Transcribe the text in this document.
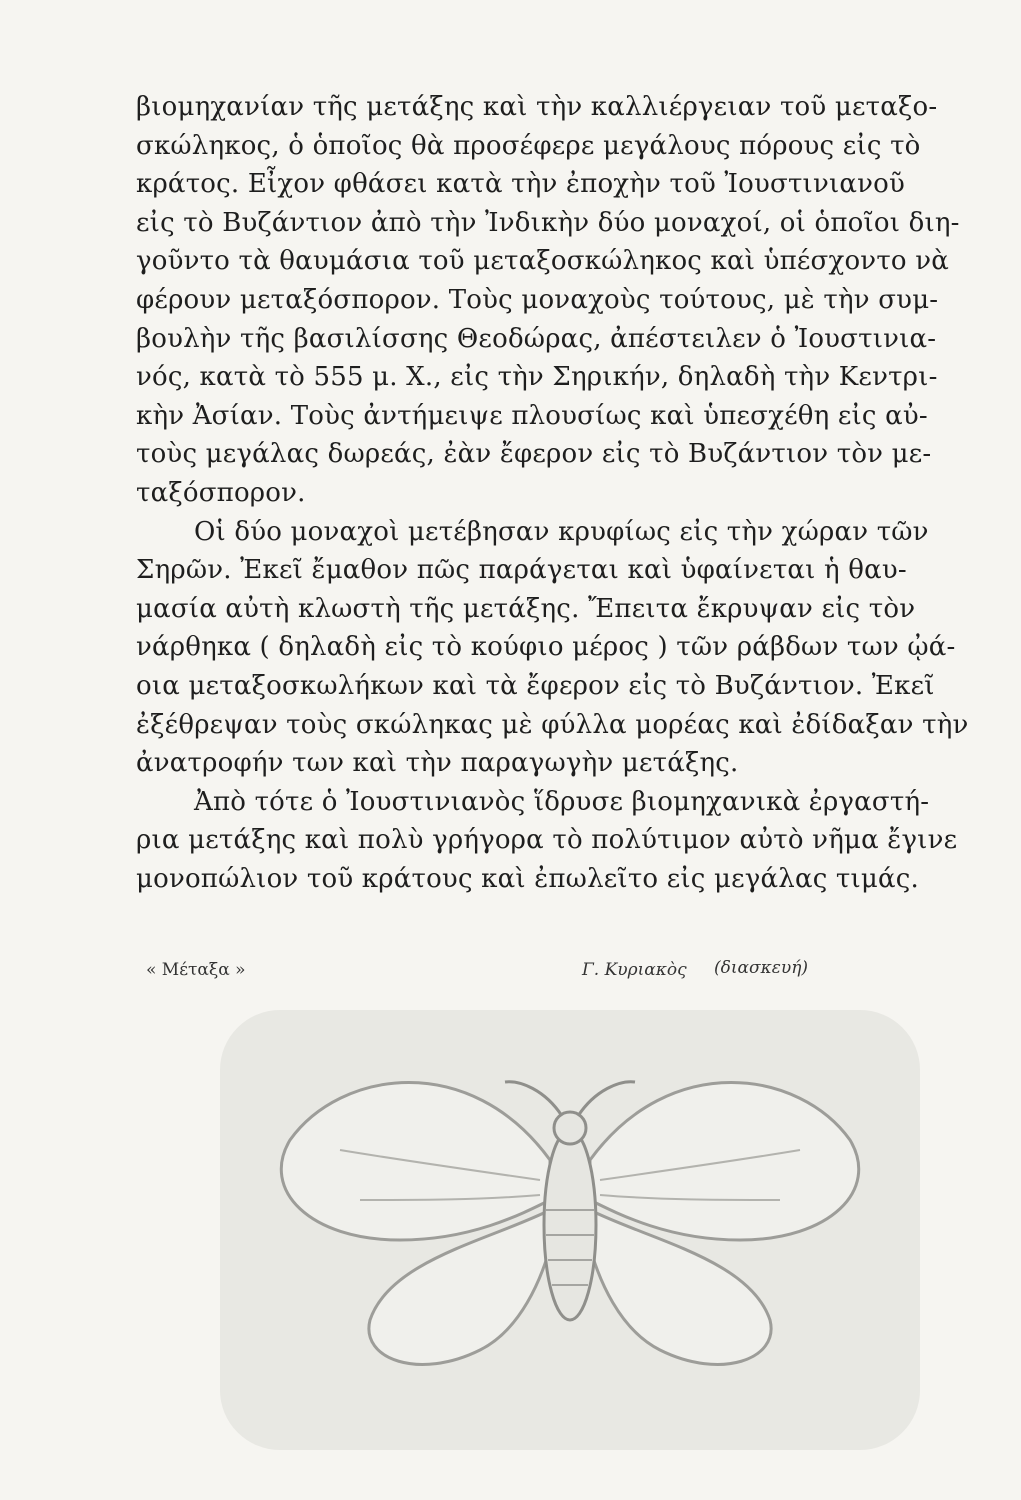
βιομηχανίαν τῆς μετάξης καὶ τὴν καλλιέργειαν τοῦ μεταξο-
σκώληκος, ὁ ὁποῖος θὰ προσέφερε μεγάλους πόρους εἰς τὸ
κράτος. Εἶχον φθάσει κατὰ τὴν ἐποχὴν τοῦ Ἰουστινιανοῦ
εἰς τὸ Βυζάντιον ἀπὸ τὴν Ἰνδικὴν δύο μοναχοί, οἱ ὁποῖοι διη-
γοῦντο τὰ θαυμάσια τοῦ μεταξοσκώληκος καὶ ὑπέσχοντο νὰ
φέρουν μεταξόσπορον. Τοὺς μοναχοὺς τούτους, μὲ τὴν συμ-
βουλὴν τῆς βασιλίσσης Θεοδώρας, ἀπέστειλεν ὁ Ἰουστινια-
νός, κατὰ τὸ 555 μ. Χ., εἰς τὴν Σηρικήν, δηλαδὴ τὴν Κεντρι-
κὴν Ἀσίαν. Τοὺς ἀντήμειψε πλουσίως καὶ ὑπεσχέθη εἰς αὐ-
τοὺς μεγάλας δωρεάς, ἐὰν ἔφερον εἰς τὸ Βυζάντιον τὸν με-
ταξόσπορον.
Οἱ δύο μοναχοὶ μετέβησαν κρυφίως εἰς τὴν χώραν τῶν
Σηρῶν. Ἐκεῖ ἔμαθον πῶς παράγεται καὶ ὑφαίνεται ἡ θαυ-
μασία αὐτὴ κλωστὴ τῆς μετάξης. Ἔπειτα ἔκρυψαν εἰς τὸν
νάρθηκα ( δηλαδὴ εἰς τὸ κούφιο μέρος ) τῶν ράβδων των ᾠά-
οια μεταξοσκωλήκων καὶ τὰ ἔφερον εἰς τὸ Βυζάντιον. Ἐκεῖ
ἐξέθρεψαν τοὺς σκώληκας μὲ φύλλα μορέας καὶ ἐδίδαξαν τὴν
ἀνατροφήν των καὶ τὴν παραγωγὴν μετάξης.
Ἀπὸ τότε ὁ Ἰουστινιανὸς ἵδρυσε βιομηχανικὰ ἐργαστή-
ρια μετάξης καὶ πολὺ γρήγορα τὸ πολύτιμον αὐτὸ νῆμα ἔγινε
μονοπώλιον τοῦ κράτους καὶ ἐπωλεῖτο εἰς μεγάλας τιμάς.
« Μέταξα »	Γ. Κυριακὸς (διασκευή)
